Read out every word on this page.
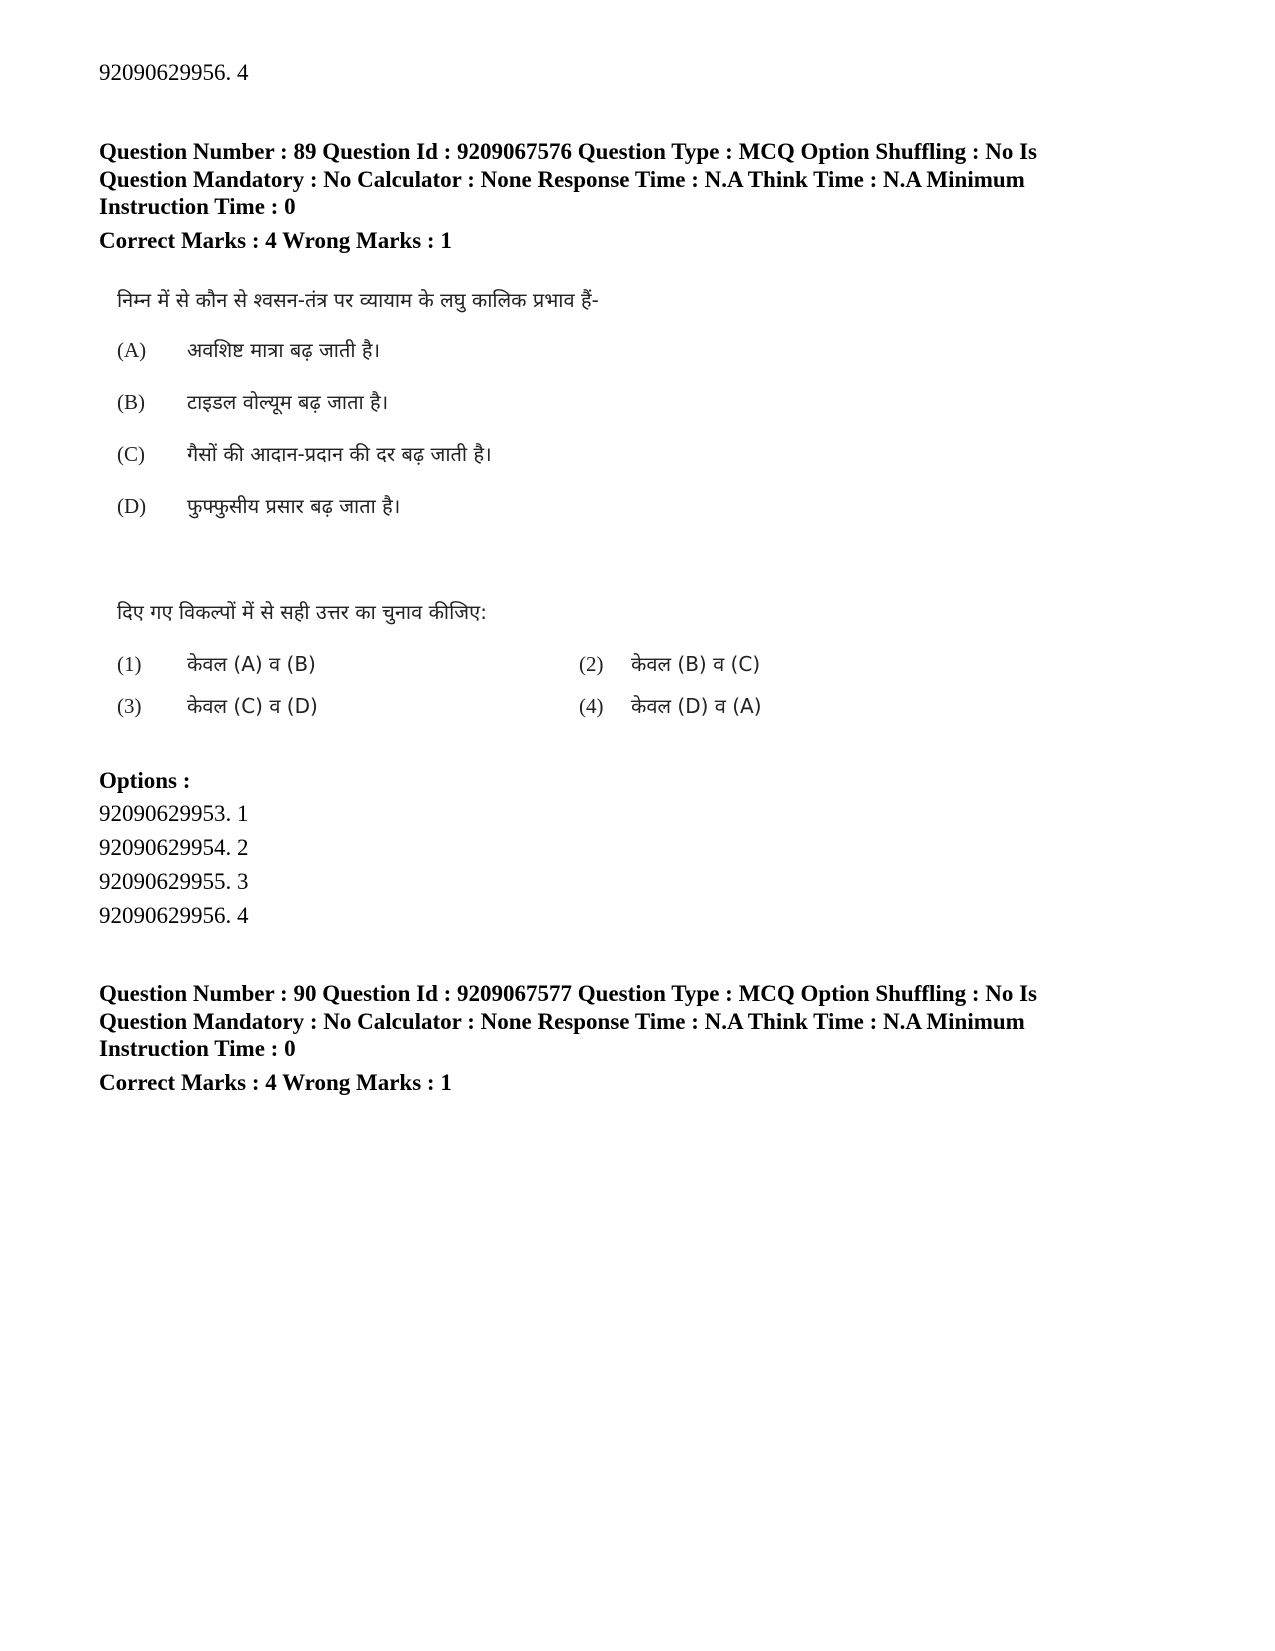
92090629956. 4
Question Number : 89 Question Id : 9209067576 Question Type : MCQ Option Shuffling : No Is
Question Mandatory : No Calculator : None Response Time : N.A Think Time : N.A Minimum
Instruction Time : 0
Correct Marks : 4 Wrong Marks : 1
निम्न में से कौन से श्वसन-तंत्र पर व्यायाम के लघु कालिक प्रभाव हैं-
(A) अवशिष्ट मात्रा बढ़ जाती है।
(B) टाइडल वोल्यूम बढ़ जाता है।
(C) गैसों की आदान-प्रदान की दर बढ़ जाती है।
(D) फुफ्फुसीय प्रसार बढ़ जाता है।
दिए गए विकल्पों में से सही उत्तर का चुनाव कीजिए:
(1) केवल (A) व (B)	(2) केवल (B) व (C)
(3) केवल (C) व (D)	(4) केवल (D) व (A)
Options :
92090629953. 1
92090629954. 2
92090629955. 3
92090629956. 4
Question Number : 90 Question Id : 9209067577 Question Type : MCQ Option Shuffling : No Is
Question Mandatory : No Calculator : None Response Time : N.A Think Time : N.A Minimum
Instruction Time : 0
Correct Marks : 4 Wrong Marks : 1
